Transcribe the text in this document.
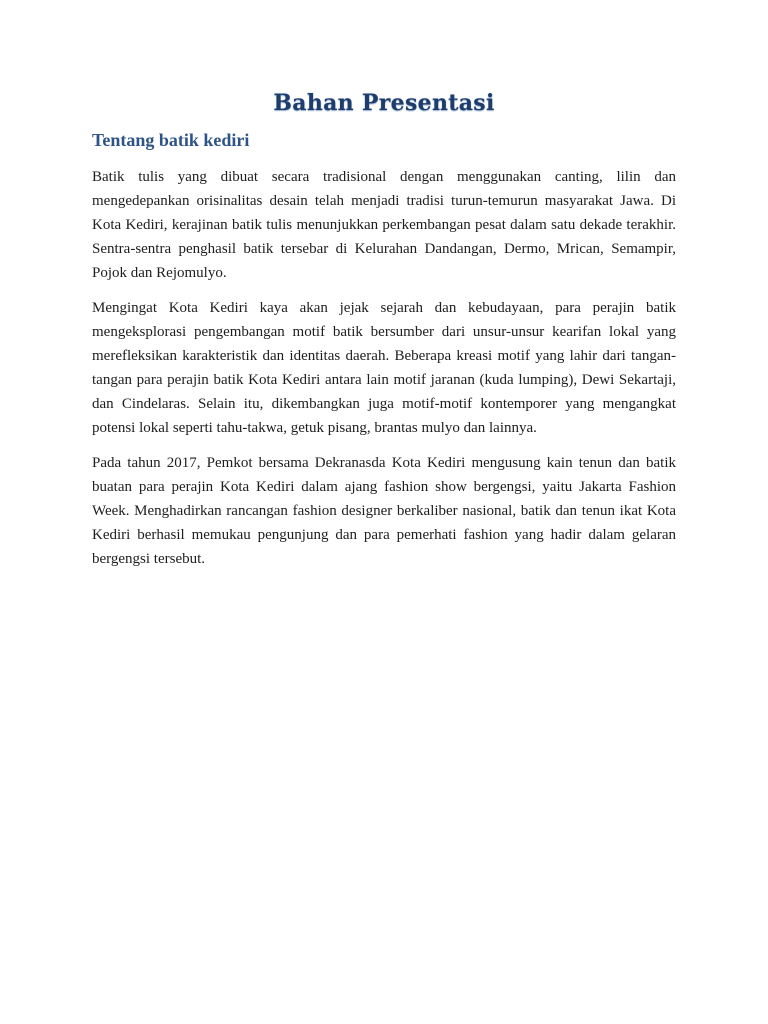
Bahan Presentasi
Tentang batik kediri

Batik tulis yang dibuat secara tradisional dengan menggunakan canting, lilin dan mengedepankan orisinalitas desain telah menjadi tradisi turun-temurun masyarakat Jawa. Di Kota Kediri, kerajinan batik tulis menunjukkan perkembangan pesat dalam satu dekade terakhir. Sentra-sentra penghasil batik tersebar di Kelurahan Dandangan, Dermo, Mrican, Semampir, Pojok dan Rejomulyo.

Mengingat Kota Kediri kaya akan jejak sejarah dan kebudayaan, para perajin batik mengeksplorasi pengembangan motif batik bersumber dari unsur-unsur kearifan lokal yang merefleksikan karakteristik dan identitas daerah. Beberapa kreasi motif yang lahir dari tangan-tangan para perajin batik Kota Kediri antara lain motif jaranan (kuda lumping), Dewi Sekartaji, dan Cindelaras. Selain itu, dikembangkan juga motif-motif kontemporer yang mengangkat potensi lokal seperti tahu-takwa, getuk pisang, brantas mulyo dan lainnya.

Pada tahun 2017, Pemkot bersama Dekranasda Kota Kediri mengusung kain tenun dan batik buatan para perajin Kota Kediri dalam ajang fashion show bergengsi, yaitu Jakarta Fashion Week. Menghadirkan rancangan fashion designer berkaliber nasional, batik dan tenun ikat Kota Kediri berhasil memukau pengunjung dan para pemerhati fashion yang hadir dalam gelaran bergengsi tersebut.
